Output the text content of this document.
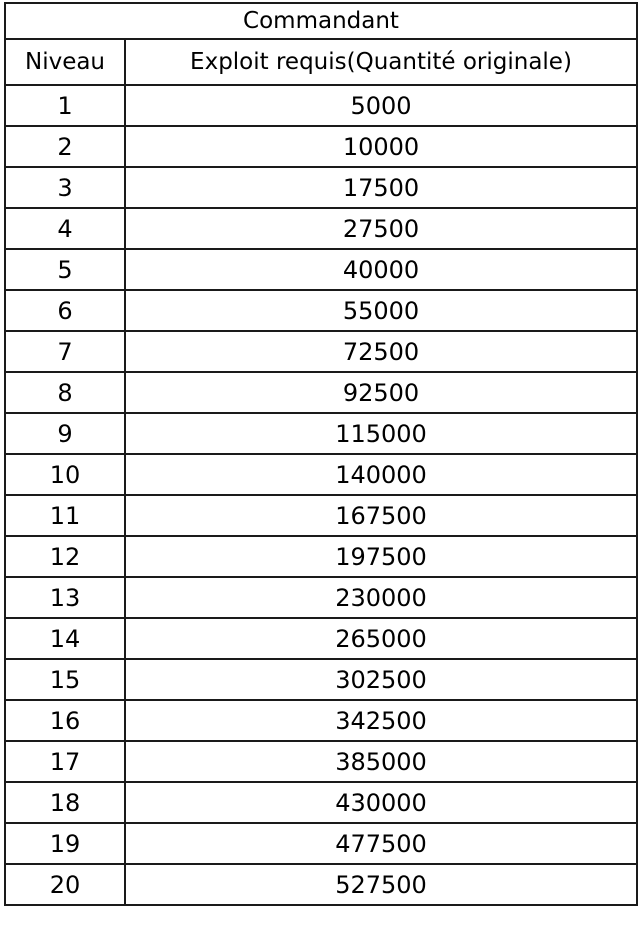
Commandant	
Niveau	Exploit requis(Quantité originale)
1	5000
2	10000
3	17500
4	27500
5	40000
6	55000
7	72500
8	92500
9	115000
10	140000
11	167500
12	197500
13	230000
14	265000
15	302500
16	342500
17	385000
18	430000
19	477500
20	527500
